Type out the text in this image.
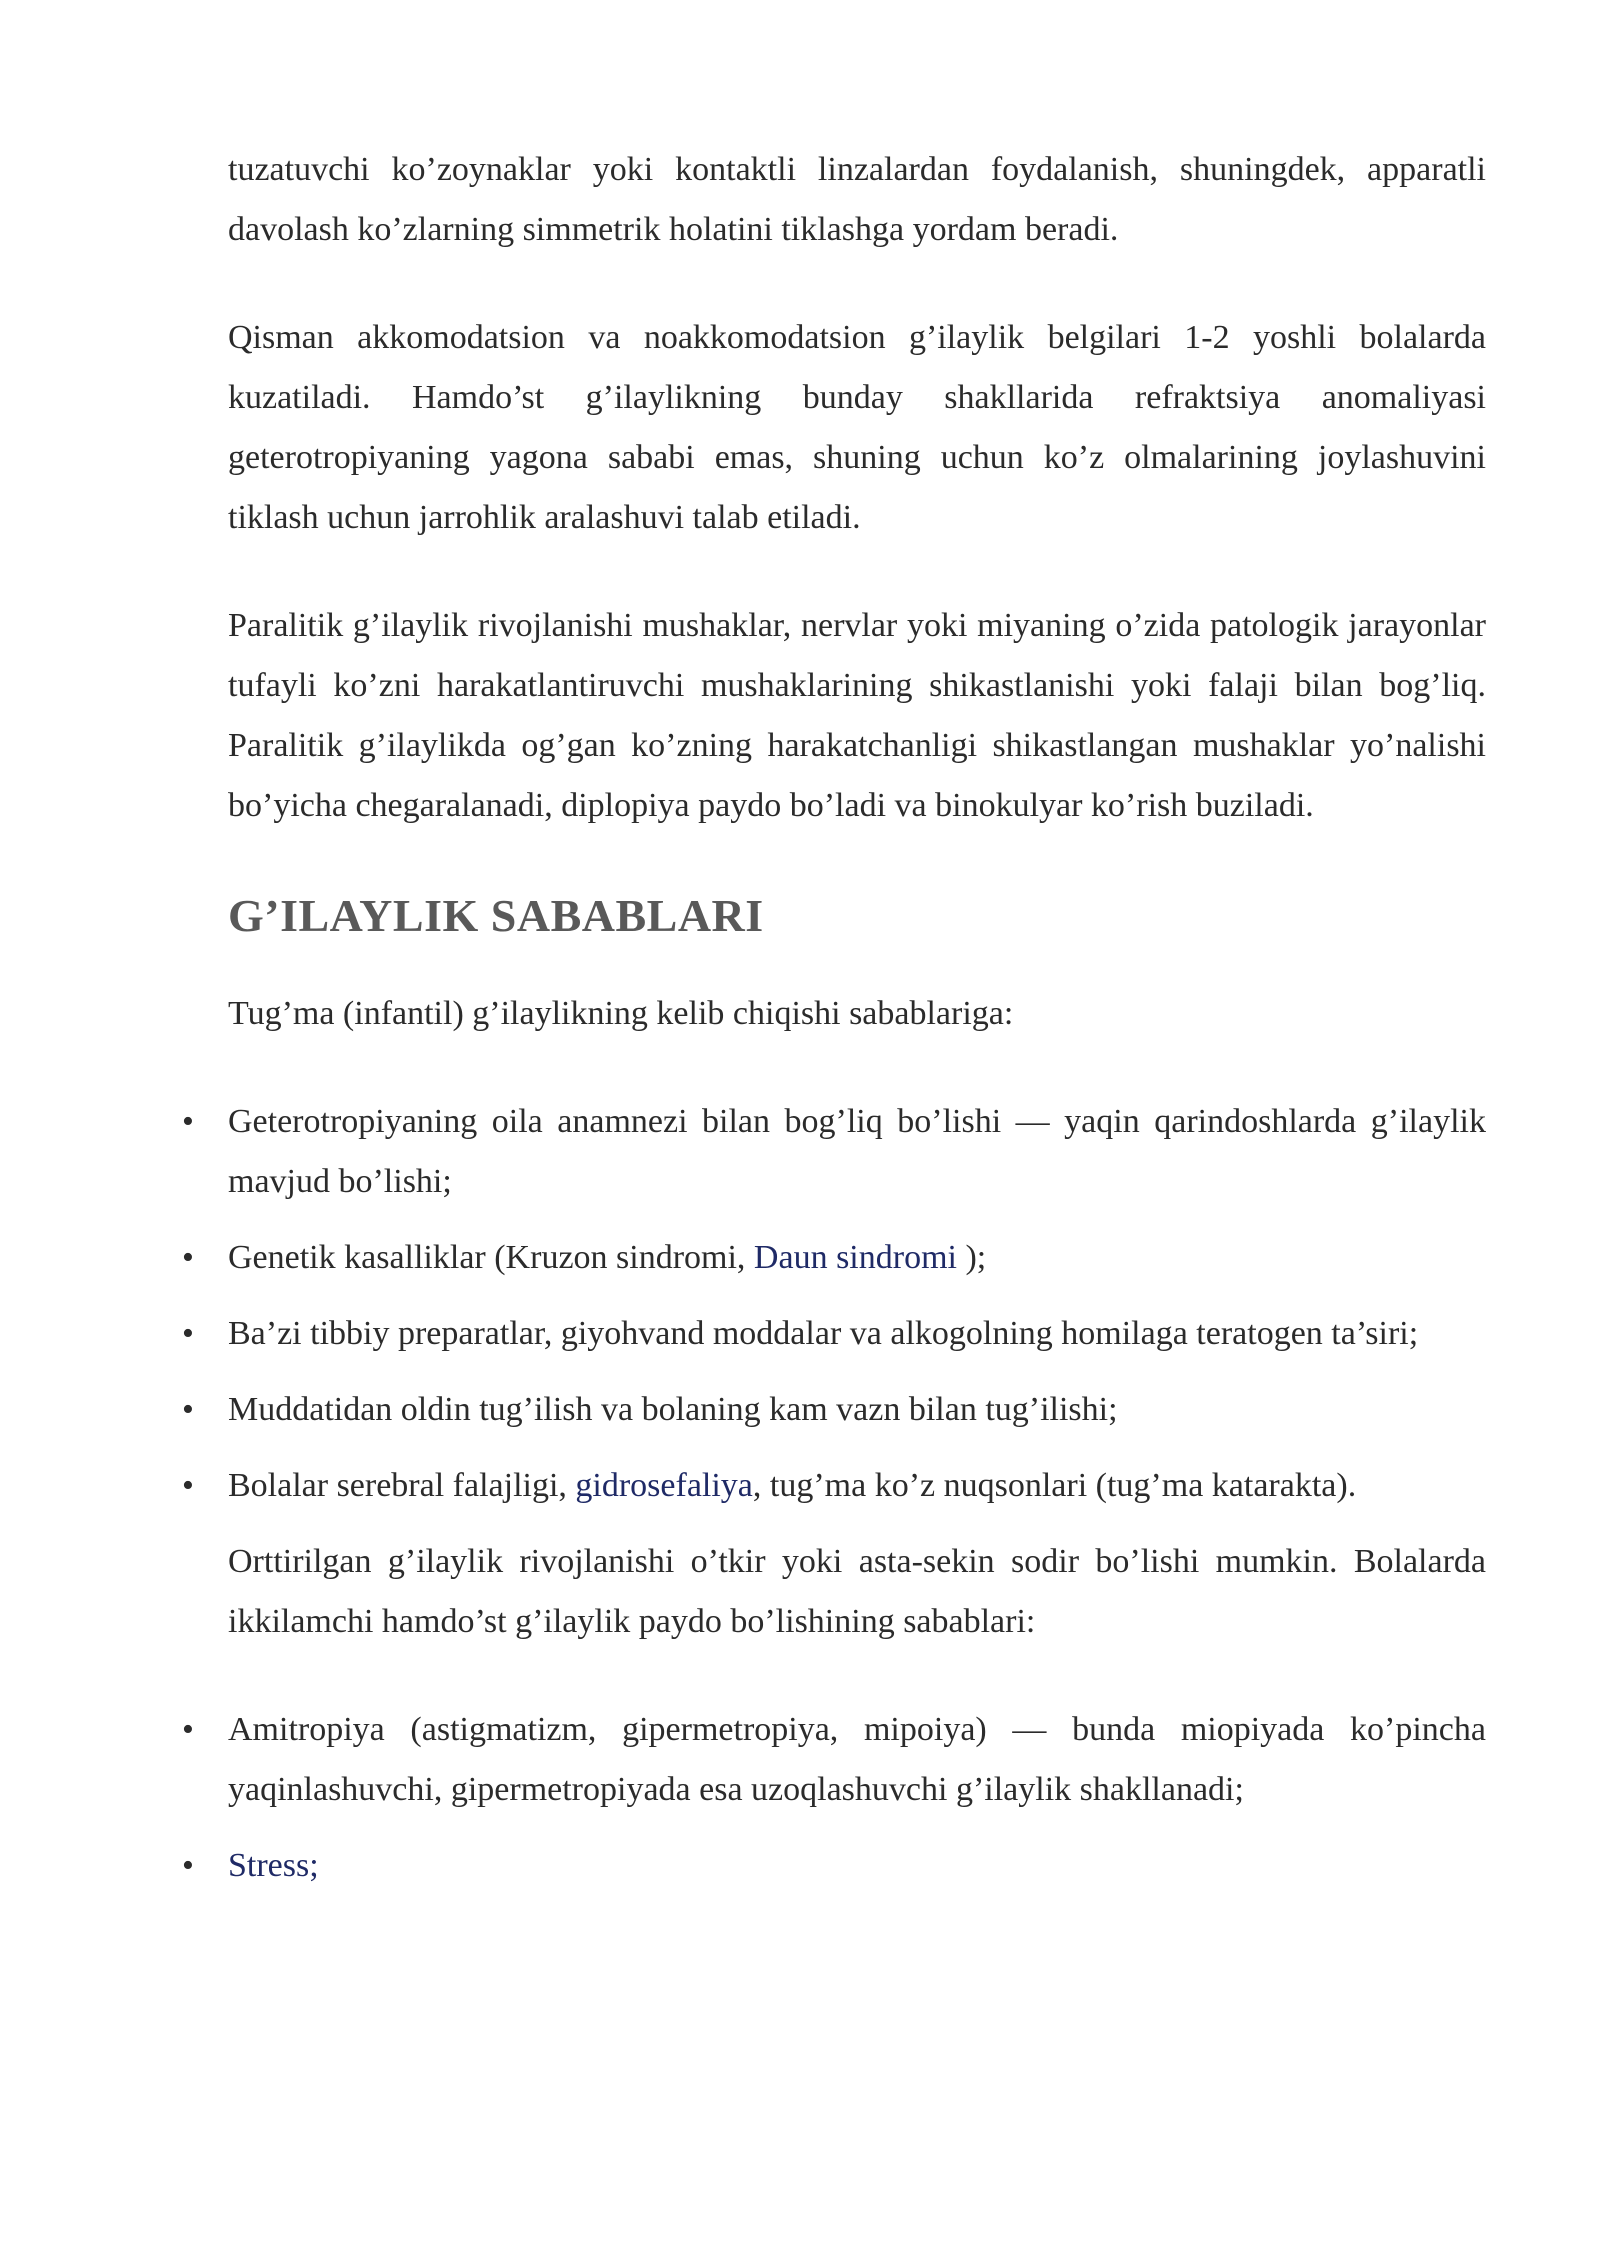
tuzatuvchi ko’zoynaklar yoki kontaktli linzalardan foydalanish, shuningdek, apparatli davolash ko’zlarning simmetrik holatini tiklashga yordam beradi.

Qisman akkomodatsion va noakkomodatsion g’ilaylik belgilari 1-2 yoshli bolalarda kuzatiladi. Hamdo’st g’ilaylikning bunday shakllarida refraktsiya anomaliyasi geterotropiyaning yagona sababi emas, shuning uchun ko’z olmalarining joylashuvini tiklash uchun jarrohlik aralashuvi talab etiladi.

Paralitik g’ilaylik rivojlanishi mushaklar, nervlar yoki miyaning o’zida patologik jarayonlar tufayli ko’zni harakatlantiruvchi mushaklarining shikastlanishi yoki falaji bilan bog’liq. Paralitik g’ilaylikda og’gan ko’zning harakatchanligi shikastlangan mushaklar yo’nalishi bo’yicha chegaralanadi, diplopiya paydo bo’ladi va binokulyar ko’rish buziladi.

G’ILAYLIK SABABLARI

Tug’ma (infantil) g’ilaylikning kelib chiqishi sabablariga:

• Geterotropiyaning oila anamnezi bilan bog’liq bo’lishi — yaqin qarindoshlarda g’ilaylik mavjud bo’lishi;
• Genetik kasalliklar (Kruzon sindromi, Daun sindromi );
• Ba’zi tibbiy preparatlar, giyohvand moddalar va alkogolning homilaga teratogen ta’siri;
• Muddatidan oldin tug’ilish va bolaning kam vazn bilan tug’ilishi;
• Bolalar serebral falajligi, gidrosefaliya, tug’ma ko’z nuqsonlari (tug’ma katarakta).

Orttirilgan g’ilaylik rivojlanishi o’tkir yoki asta-sekin sodir bo’lishi mumkin. Bolalarda ikkilamchi hamdo’st g’ilaylik paydo bo’lishining sabablari:

• Amitropiya (astigmatizm, gipermetropiya, mipoiya) — bunda miopiyada ko’pincha yaqinlashuvchi, gipermetropiyada esa uzoqlashuvchi g’ilaylik shakllanadi;
• Stress;
